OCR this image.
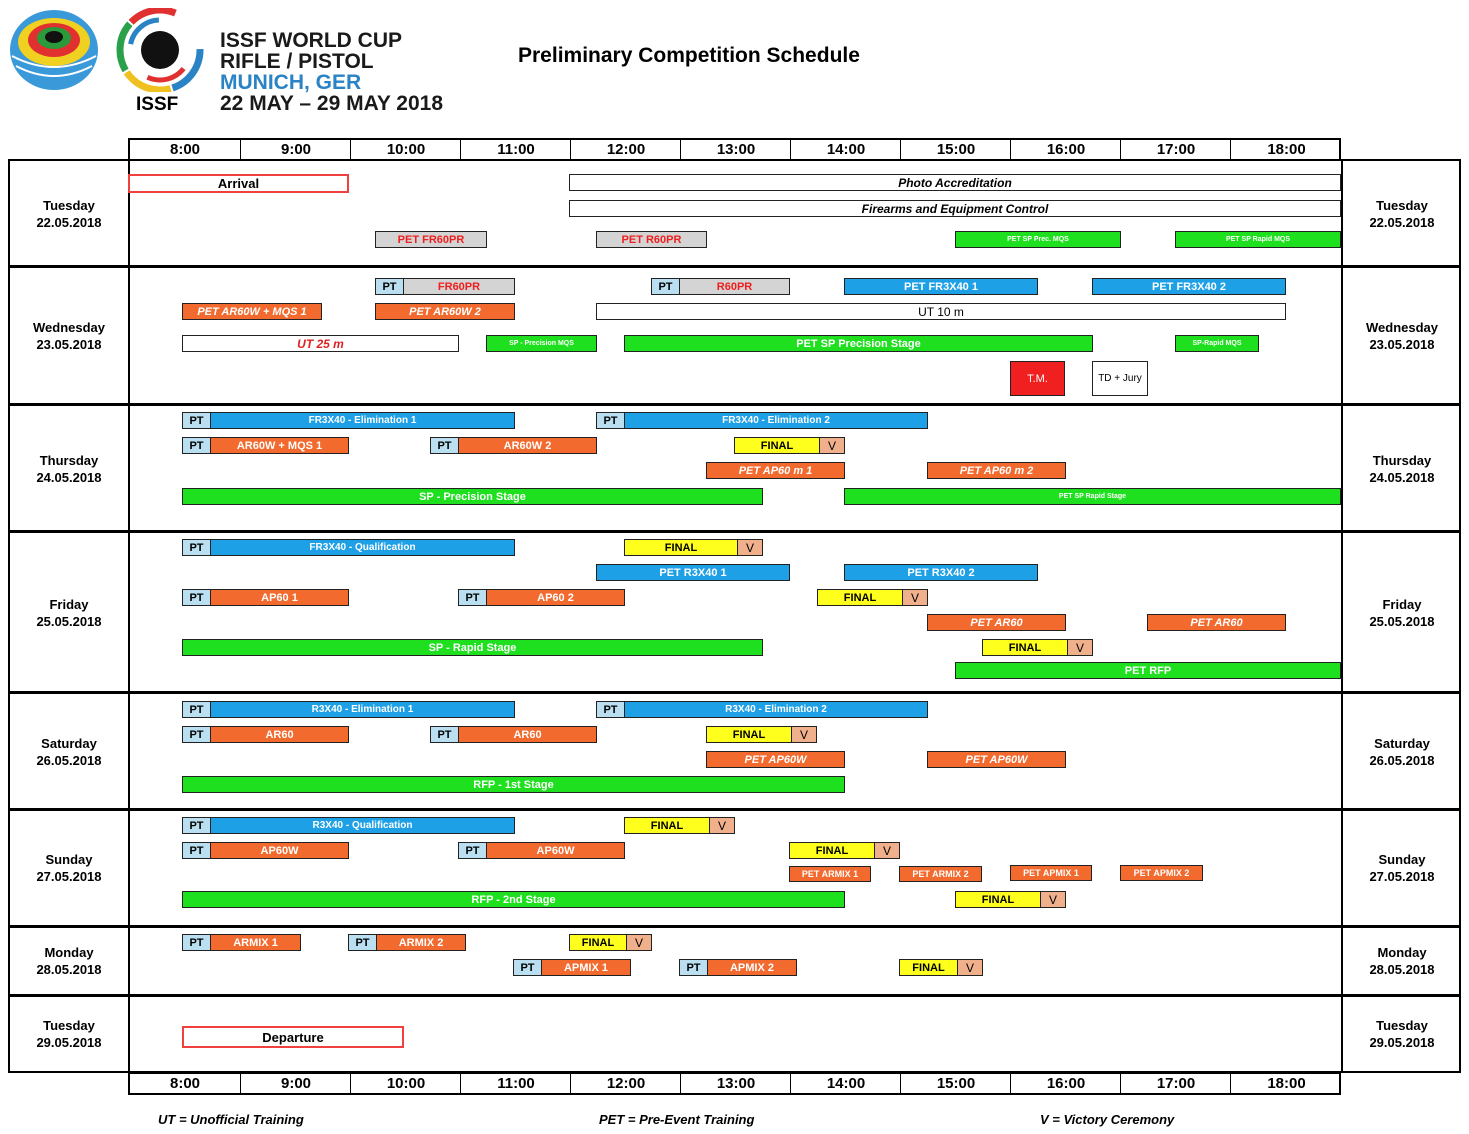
ISSF
ISSF WORLD CUP
RIFLE / PISTOL
MUNICH, GER
22 MAY – 29 MAY 2018
Preliminary Competition Schedule
8:00	9:00	10:00	11:00	12:00	13:00	14:00	15:00	16:00	17:00	18:00
Tuesday
22.05.2018
Tuesday
22.05.2018
Wednesday
23.05.2018
Wednesday
23.05.2018
Thursday
24.05.2018
Thursday
24.05.2018
Friday
25.05.2018
Friday
25.05.2018
Saturday
26.05.2018
Saturday
26.05.2018
Sunday
27.05.2018
Sunday
27.05.2018
Monday
28.05.2018
Monday
28.05.2018
Tuesday
29.05.2018
Tuesday
29.05.2018
Arrival	Photo Accreditation
Firearms and Equipment Control
PET FR60PR	PET R60PR	PET SP Prec. MQS	PET SP Rapid MQS
PT	FR60PR	PT	R60PR	PET FR3X40 1	PET FR3X40 2
PET AR60W + MQS 1	PET AR60W 2	UT 10 m
UT 25 m	SP - Precision MQS	PET SP Precision Stage	SP-Rapid MQS
T.M.	TD + Jury
PT	FR3X40 - Elimination 1	PT	FR3X40 - Elimination 2
PT	AR60W + MQS 1	PT	AR60W 2	FINAL	V
PET AP60 m 1	PET AP60 m 2
SP - Precision Stage	PET SP Rapid Stage
PT	FR3X40 - Qualification	FINAL	V
PET R3X40 1	PET R3X40 2
PT	AP60 1	PT	AP60 2	FINAL	V
PET AR60	PET AR60
SP - Rapid Stage	FINAL	V
PET RFP
PT	R3X40 - Elimination 1	PT	R3X40 - Elimination 2
PT	AR60	PT	AR60	FINAL	V
PET AP60W	PET AP60W
RFP - 1st Stage
PT	R3X40 - Qualification	FINAL	V
PT	AP60W	PT	AP60W	FINAL	V
PET ARMIX 1	PET ARMIX 2	PET APMIX 1	PET APMIX 2
RFP - 2nd Stage	FINAL	V
PT	ARMIX 1	PT	ARMIX 2	FINAL	V
PT	APMIX 1	PT	APMIX 2	FINAL	V
Departure
8:00	9:00	10:00	11:00	12:00	13:00	14:00	15:00	16:00	17:00	18:00
UT = Unofficial Training	PET = Pre-Event Training	V = Victory Ceremony
